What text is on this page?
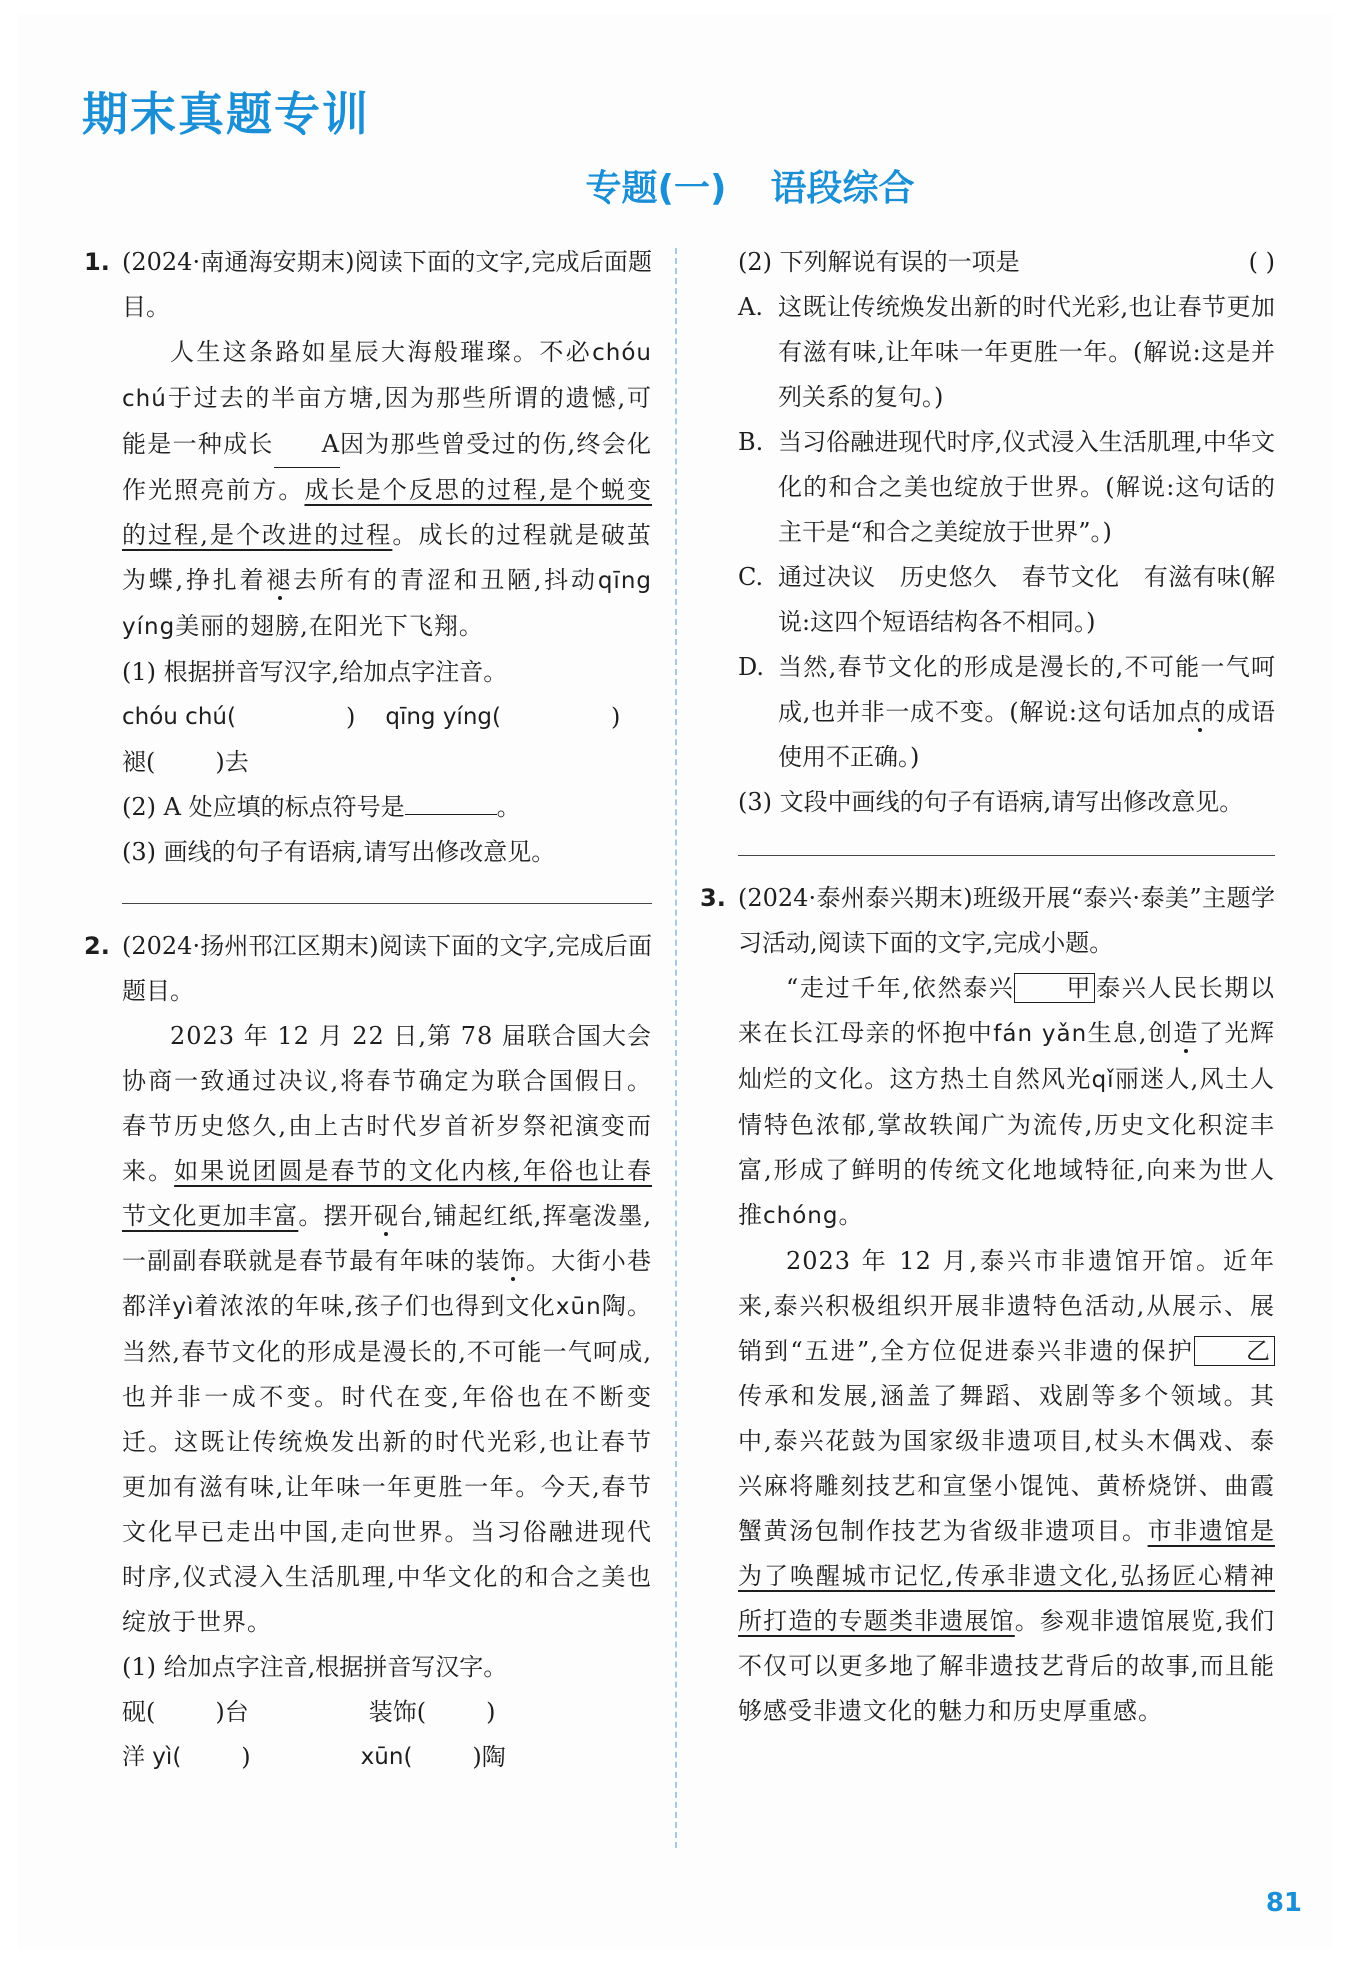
期末真题专训
专题(一) 语段综合
1. (2024·南通海安期末)阅读下面的文字,完成后面题目。

人生这条路如星辰大海般璀璨。不必chóu chú于过去的半亩方塘,因为那些所谓的遗憾,可能是一种成长 A因为那些曾受过的伤,终会化作光照亮前方。成长是个反思的过程,是个蜕变的过程,是个改进的过程。成长的过程就是破茧为蝶,挣扎着褪去所有的青涩和丑陋,抖动qīng yíng美丽的翅膀,在阳光下飞翔。

(1) 根据拼音写汉字,给加点字注音。

chóu chú(	) qīng yíng(	)

褪(	)去

(2) A 处应填的标点符号是	。

(3) 画线的句子有语病,请写出修改意见。

2. (2024·扬州邗江区期末)阅读下面的文字,完成后面题目。

2023 年 12 月 22 日,第 78 届联合国大会协商一致通过决议,将春节确定为联合国假日。春节历史悠久,由上古时代岁首祈岁祭祀演变而来。如果说团圆是春节的文化内核,年俗也让春节文化更加丰富。摆开砚台,铺起红纸,挥毫泼墨,一副副春联就是春节最有年味的装饰。大街小巷都洋yì着浓浓的年味,孩子们也得到文化xūn陶。当然,春节文化的形成是漫长的,不可能一气呵成,也并非一成不变。时代在变,年俗也在不断变迁。这既让传统焕发出新的时代光彩,也让春节更加有滋有味,让年味一年更胜一年。今天,春节文化早已走出中国,走向世界。当习俗融进现代时序,仪式浸入生活肌理,中华文化的和合之美也绽放于世界。

(1) 给加点字注音,根据拼音写汉字。

砚(	)台	装饰(	)

洋 yì(	)	xūn(	)陶

(2) 下列解说有误的一项是	( )

A. 这既让传统焕发出新的时代光彩,也让春节更加有滋有味,让年味一年更胜一年。(解说:这是并列关系的复句。)
B. 当习俗融进现代时序,仪式浸入生活肌理,中华文化的和合之美也绽放于世界。(解说:这句话的主干是“和合之美绽放于世界”。)
C. 通过决议　历史悠久　春节文化　有滋有味(解说:这四个短语结构各不相同。)
D. 当然,春节文化的形成是漫长的,不可能一气呵成,也并非一成不变。(解说:这句话加点的成语使用不正确。)

(3) 文段中画线的句子有语病,请写出修改意见。

3. (2024·泰州泰兴期末)班级开展“泰兴·泰美”主题学习活动,阅读下面的文字,完成小题。

“走过千年,依然泰兴 甲 泰兴人民长期以来在长江母亲的怀抱中fán yǎn生息,创造了光辉灿烂的文化。这方热土自然风光qǐ丽迷人,风土人情特色浓郁,掌故轶闻广为流传,历史文化积淀丰富,形成了鲜明的传统文化地域特征,向来为世人推chóng。

2023 年 12 月,泰兴市非遗馆开馆。近年来,泰兴积极组织开展非遗特色活动,从展示、展销到“五进”,全方位促进泰兴非遗的保护 乙传承和发展,涵盖了舞蹈、戏剧等多个领域。其中,泰兴花鼓为国家级非遗项目,杖头木偶戏、泰兴麻将雕刻技艺和宣堡小馄饨、黄桥烧饼、曲霞蟹黄汤包制作技艺为省级非遗项目。市非遗馆是为了唤醒城市记忆,传承非遗文化,弘扬匠心精神所打造的专题类非遗展馆。参观非遗馆展览,我们不仅可以更多地了解非遗技艺背后的故事,而且能够感受非遗文化的魅力和历史厚重感。

81
